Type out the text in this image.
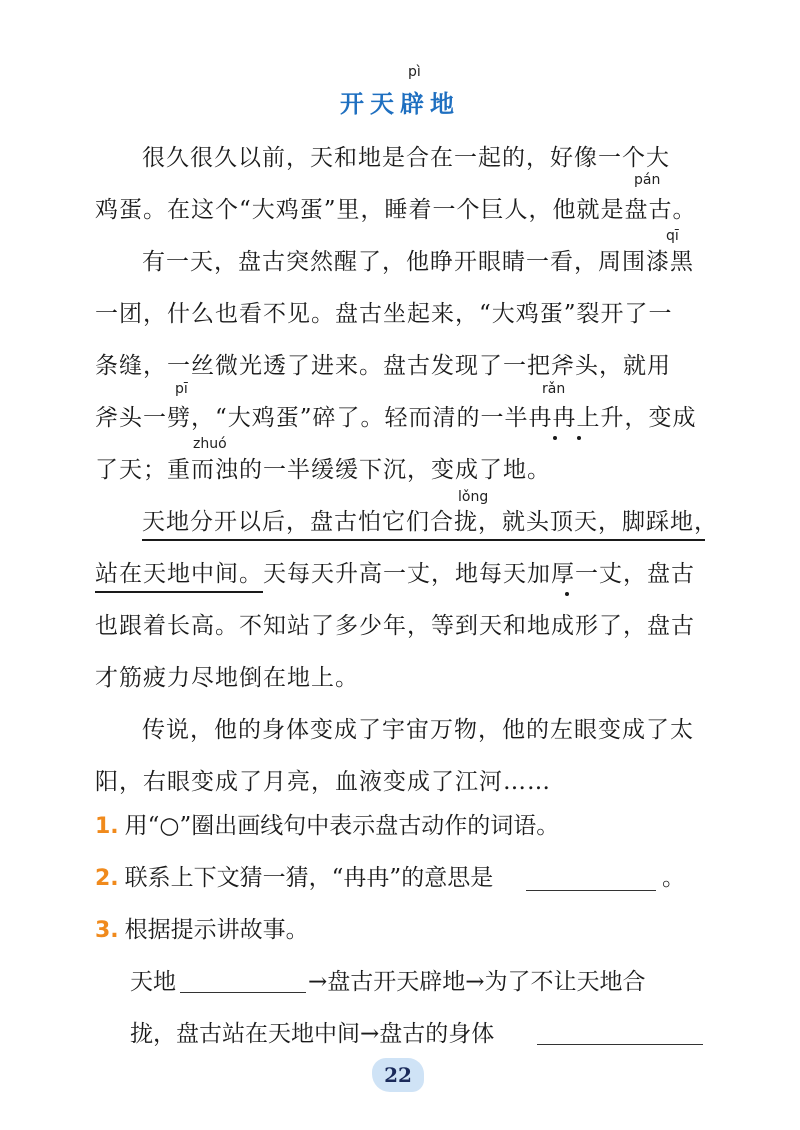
开天辟地
pì
pán
qī
pī	rǎn
zhuó
lǒng
很久很久以前，天和地是合在一起的，好像一个大
鸡蛋。在这个“大鸡蛋”里，睡着一个巨人，他就是盘古。
有一天，盘古突然醒了，他睁开眼睛一看，周围漆黑
一团，什么也看不见。盘古坐起来，“大鸡蛋”裂开了一
条缝，一丝微光透了进来。盘古发现了一把斧头，就用
斧头一劈，“大鸡蛋”碎了。轻而清的一半冉冉上升，变成
了天；重而浊的一半缓缓下沉，变成了地。
天地分开以后，盘古怕它们合拢，就头顶天，脚踩地，
站在天地中间。天每天升高一丈，地每天加厚一丈，盘古
也跟着长高。不知站了多少年，等到天和地成形了，盘古
才筋疲力尽地倒在地上。
传说，他的身体变成了宇宙万物，他的左眼变成了太
阳，右眼变成了月亮，血液变成了江河……
1. 用“○”圈出画线句中表示盘古动作的词语。
2. 联系上下文猜一猜，“冉冉”的意思是	。
3. 根据提示讲故事。
天地	→盘古开天辟地→为了不让天地合
拢，盘古站在天地中间→盘古的身体
22
